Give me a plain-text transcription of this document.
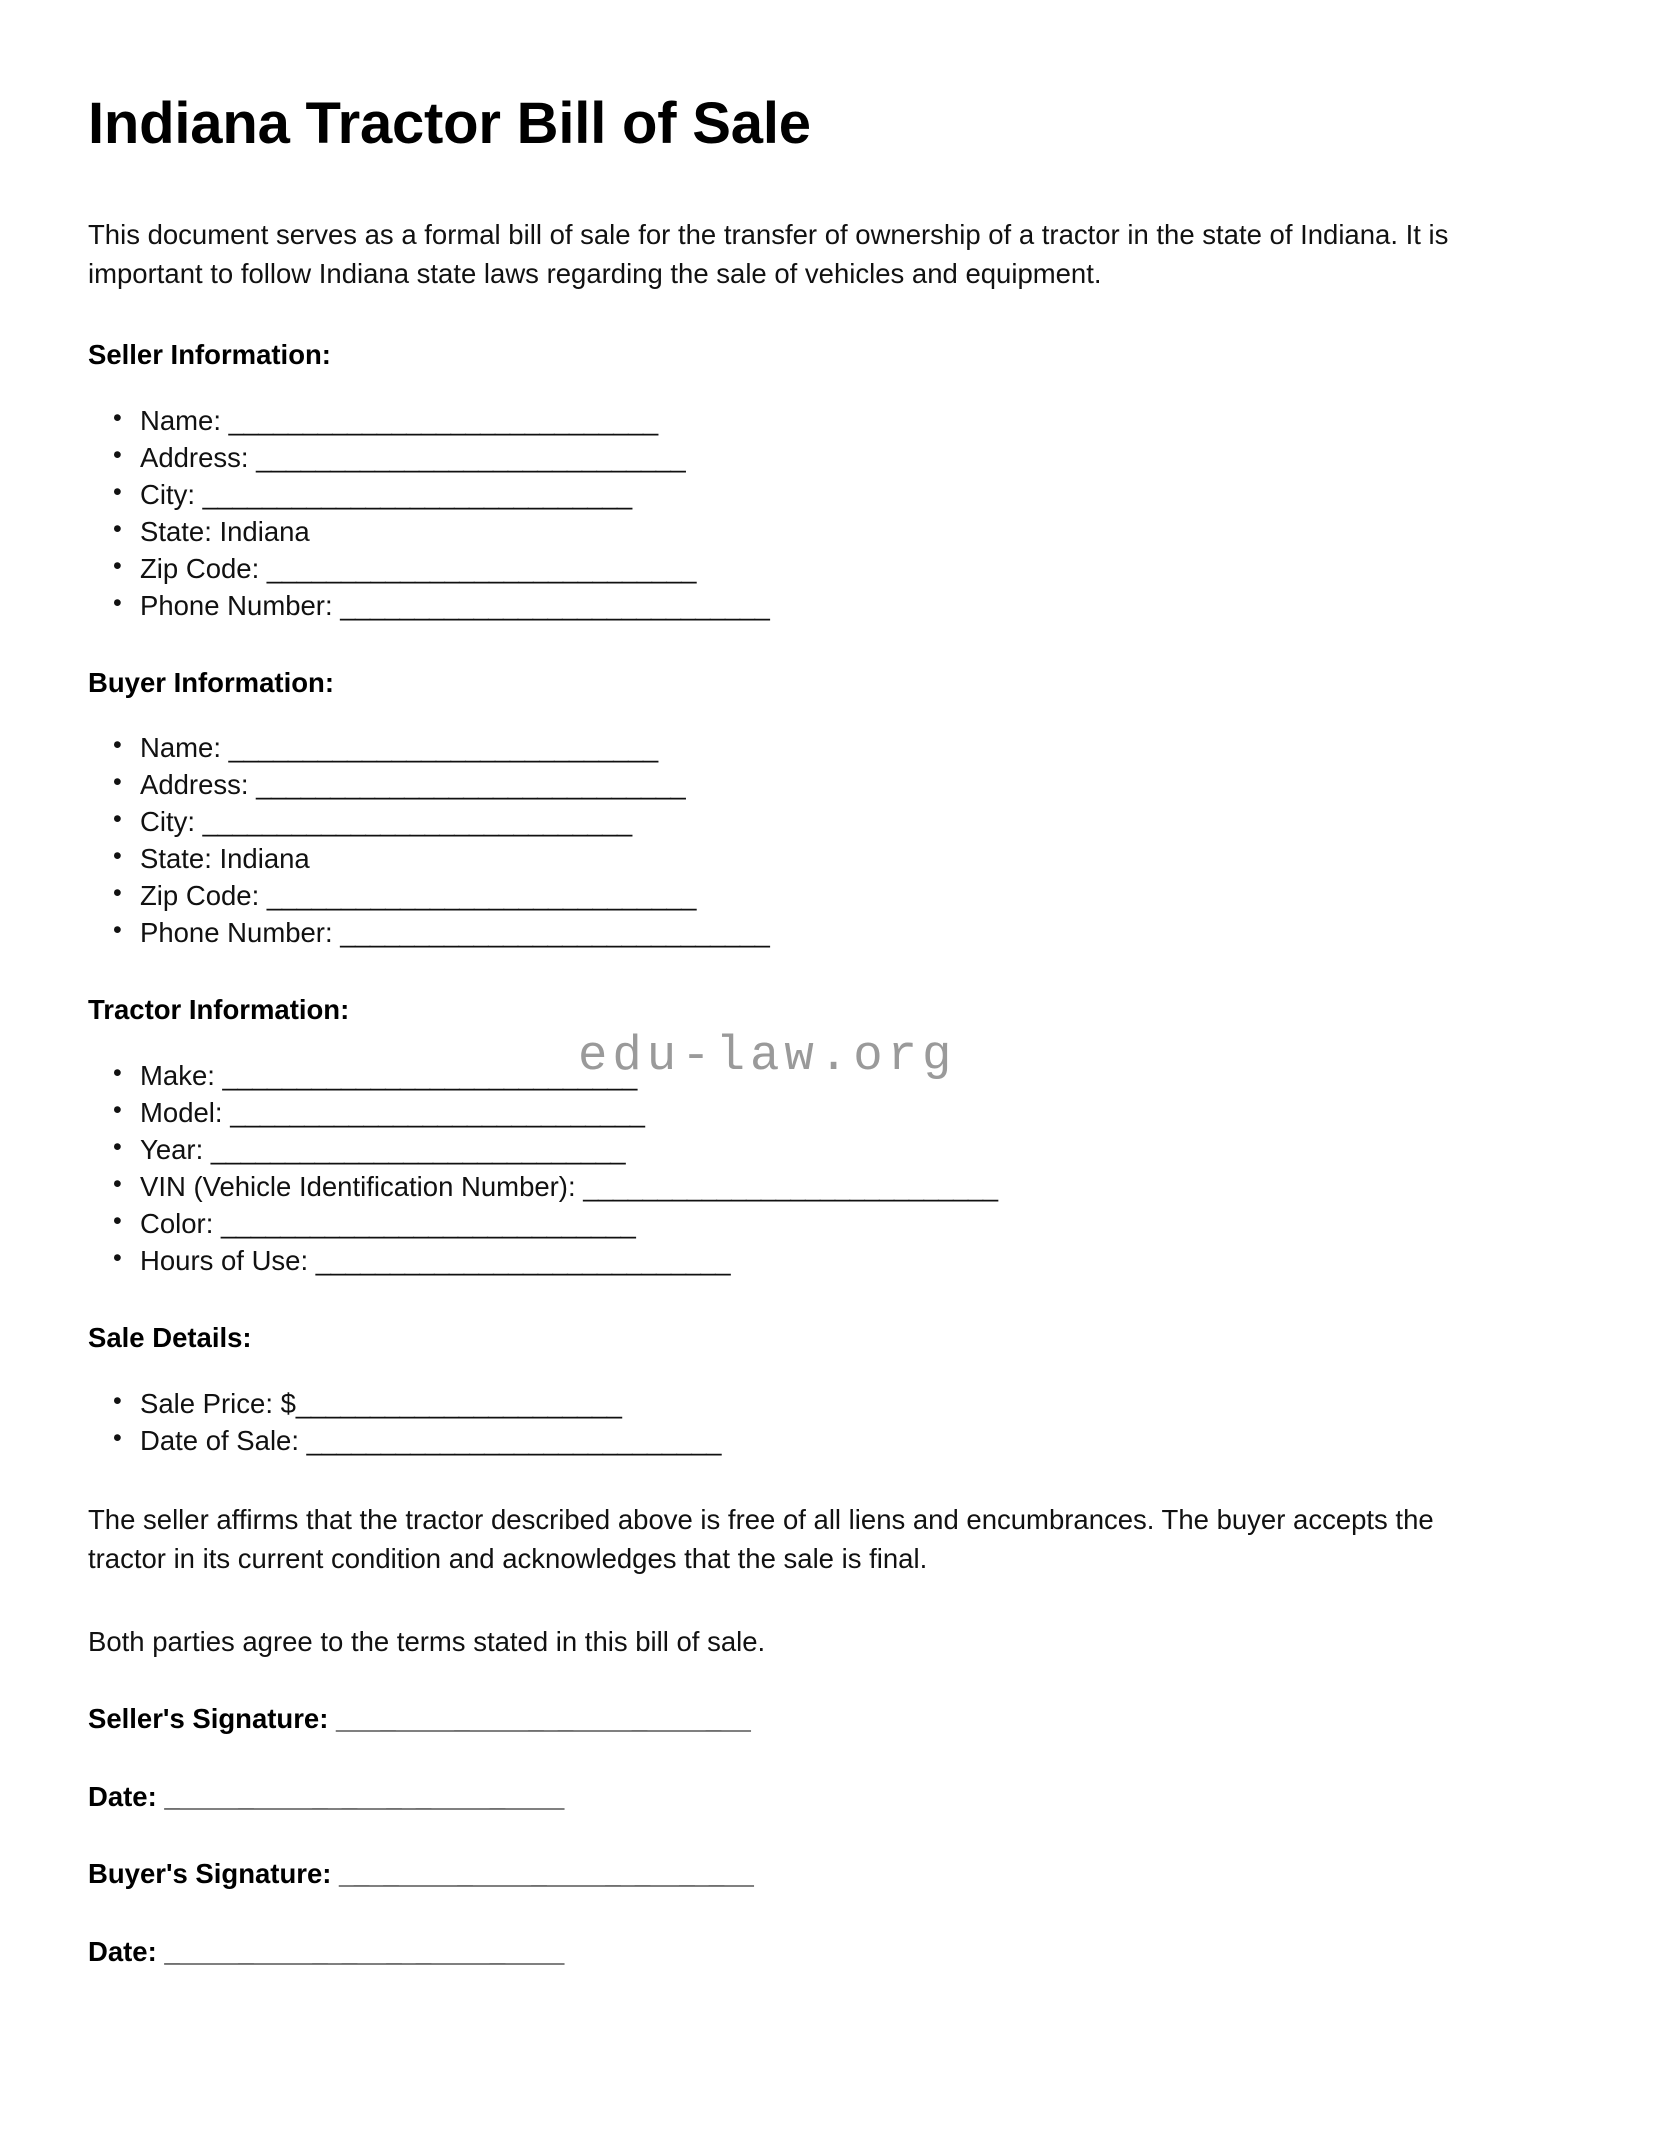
Indiana Tractor Bill of Sale

This document serves as a formal bill of sale for the transfer of ownership of a tractor in the state of Indiana. It is important to follow Indiana state laws regarding the sale of vehicles and equipment.

Seller Information:
• Name: _____________________________
• Address: _____________________________
• City: _____________________________
• State: Indiana
• Zip Code: _____________________________
• Phone Number: _____________________________
Buyer Information:
• Name: _____________________________
• Address: _____________________________
• City: _____________________________
• State: Indiana
• Zip Code: _____________________________
• Phone Number: _____________________________
Tractor Information:
• Make: ____________________________
• Model: ____________________________
• Year: ____________________________
• VIN (Vehicle Identification Number): ____________________________
• Color: ____________________________
• Hours of Use: ____________________________
Sale Details:
• Sale Price: $______________________
• Date of Sale: ____________________________

The seller affirms that the tractor described above is free of all liens and encumbrances. The buyer accepts the tractor in its current condition and acknowledges that the sale is final.

Both parties agree to the terms stated in this bill of sale.

Seller's Signature: ____________________________

Date: ___________________________

Buyer's Signature: ____________________________

Date: ___________________________

edu-law.org
